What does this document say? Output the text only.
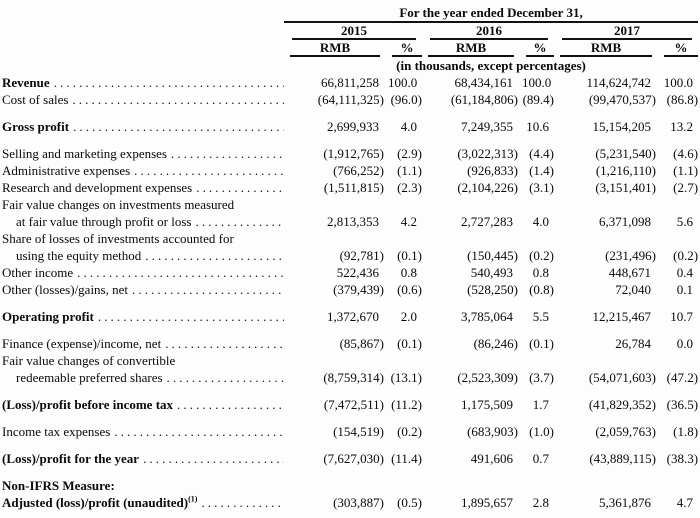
	For the year ended December 31,					

	2015		2016		2017	

	RMB	%	RMB	%	RMB	%

	(in thousands, except percentages)					

Revenue
.....	66,811,258	100.0	68,434,161	100.0	114,624,742	100.0

Cost of sales
.....	(64,111,325)	(96.0)	(61,184,806)	(89.4)	(99,470,537)	(86.8)

Gross profit
.....	2,699,933	4.0	7,249,355	10.6	15,154,205	13.2

Selling and marketing expenses
.....	(1,912,765)	(2.9)	(3,022,313)	(4.4)	(5,231,540)	(4.6)

Administrative expenses
.....	(766,252)	(1.1)	(926,833)	(1.4)	(1,216,110)	(1.1)

Research and development expenses
.....	(1,511,815)	(2.3)	(2,104,226)	(3.1)	(3,151,401)	(2.7)

Fair value changes on investments measured
at fair value through profit or loss
.....	2,813,353	4.2	2,727,283	4.0	6,371,098	5.6

Share of losses of investments accounted for
using the equity method
.....	(92,781)	(0.1)	(150,445)	(0.2)	(231,496)	(0.2)

Other income
.....	522,436	0.8	540,493	0.8	448,671	0.4

Other (losses)/gains, net
.....	(379,439)	(0.6)	(528,250)	(0.8)	72,040	0.1

Operating profit
.....	1,372,670	2.0	3,785,064	5.5	12,215,467	10.7

Finance (expense)/income, net
.....	(85,867)	(0.1)	(86,246)	(0.1)	26,784	0.0

Fair value changes of convertible
redeemable preferred shares
.....	(8,759,314)	(13.1)	(2,523,309)	(3.7)	(54,071,603)	(47.2)

(Loss)/profit before income tax
.....	(7,472,511)	(11.2)	1,175,509	1.7	(41,829,352)	(36.5)

Income tax expenses
.....	(154,519)	(0.2)	(683,903)	(1.0)	(2,059,763)	(1.8)

(Loss)/profit for the year
.....	(7,627,030)	(11.4)	491,606	0.7	(43,889,115)	(38.3)

Non-IFRS Measure:						

Adjusted (loss)/profit (unaudited)$^{(1)}$
.....	(303,887)	(0.5)	1,895,657	2.8	5,361,876	4.7
